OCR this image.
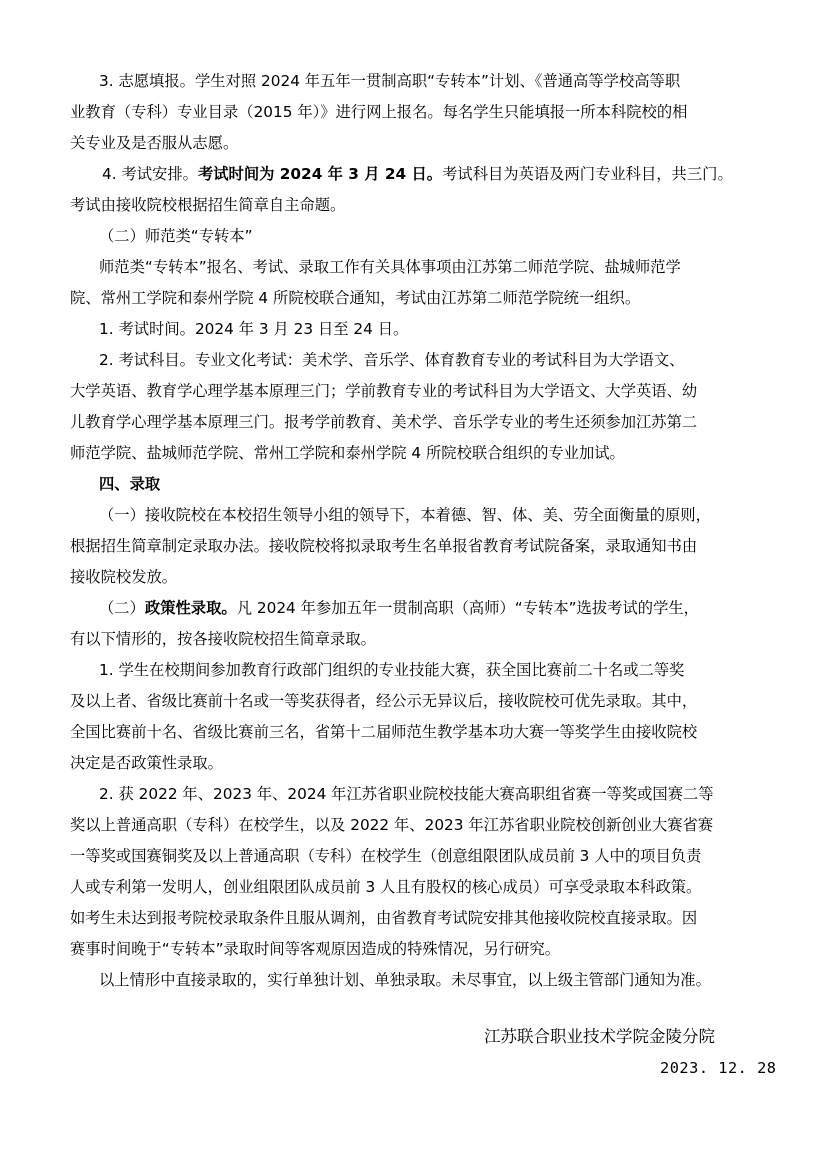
3. 志愿填报。学生对照 2024 年五年一贯制高职“专转本”计划、《普通高等学校高等职
业教育（专科）专业目录（2015 年）》进行网上报名。每名学生只能填报一所本科院校的相
关专业及是否服从志愿。
4. 考试安排。考试时间为 2024 年 3 月 24 日。考试科目为英语及两门专业科目，共三门。
考试由接收院校根据招生简章自主命题。
（二）师范类“专转本”
师范类“专转本”报名、考试、录取工作有关具体事项由江苏第二师范学院、盐城师范学
院、常州工学院和泰州学院 4 所院校联合通知，考试由江苏第二师范学院统一组织。
1. 考试时间。2024 年 3 月 23 日至 24 日。
2. 考试科目。专业文化考试：美术学、音乐学、体育教育专业的考试科目为大学语文、
大学英语、教育学心理学基本原理三门；学前教育专业的考试科目为大学语文、大学英语、幼
儿教育学心理学基本原理三门。报考学前教育、美术学、音乐学专业的考生还须参加江苏第二
师范学院、盐城师范学院、常州工学院和泰州学院 4 所院校联合组织的专业加试。
四、录取
（一）接收院校在本校招生领导小组的领导下，本着德、智、体、美、劳全面衡量的原则，
根据招生简章制定录取办法。接收院校将拟录取考生名单报省教育考试院备案，录取通知书由
接收院校发放。
（二）政策性录取。凡 2024 年参加五年一贯制高职（高师）“专转本”选拔考试的学生，
有以下情形的，按各接收院校招生简章录取。
1. 学生在校期间参加教育行政部门组织的专业技能大赛，获全国比赛前二十名或二等奖
及以上者、省级比赛前十名或一等奖获得者，经公示无异议后，接收院校可优先录取。其中，
全国比赛前十名、省级比赛前三名，省第十二届师范生教学基本功大赛一等奖学生由接收院校
决定是否政策性录取。
2. 获 2022 年、2023 年、2024 年江苏省职业院校技能大赛高职组省赛一等奖或国赛二等
奖以上普通高职（专科）在校学生，以及 2022 年、2023 年江苏省职业院校创新创业大赛省赛
一等奖或国赛铜奖及以上普通高职（专科）在校学生（创意组限团队成员前 3 人中的项目负责
人或专利第一发明人，创业组限团队成员前 3 人且有股权的核心成员）可享受录取本科政策。
如考生未达到报考院校录取条件且服从调剂，由省教育考试院安排其他接收院校直接录取。因
赛事时间晚于“专转本”录取时间等客观原因造成的特殊情况，另行研究。
以上情形中直接录取的，实行单独计划、单独录取。未尽事宜，以上级主管部门通知为准。
江苏联合职业技术学院金陵分院
2023. 12. 28
